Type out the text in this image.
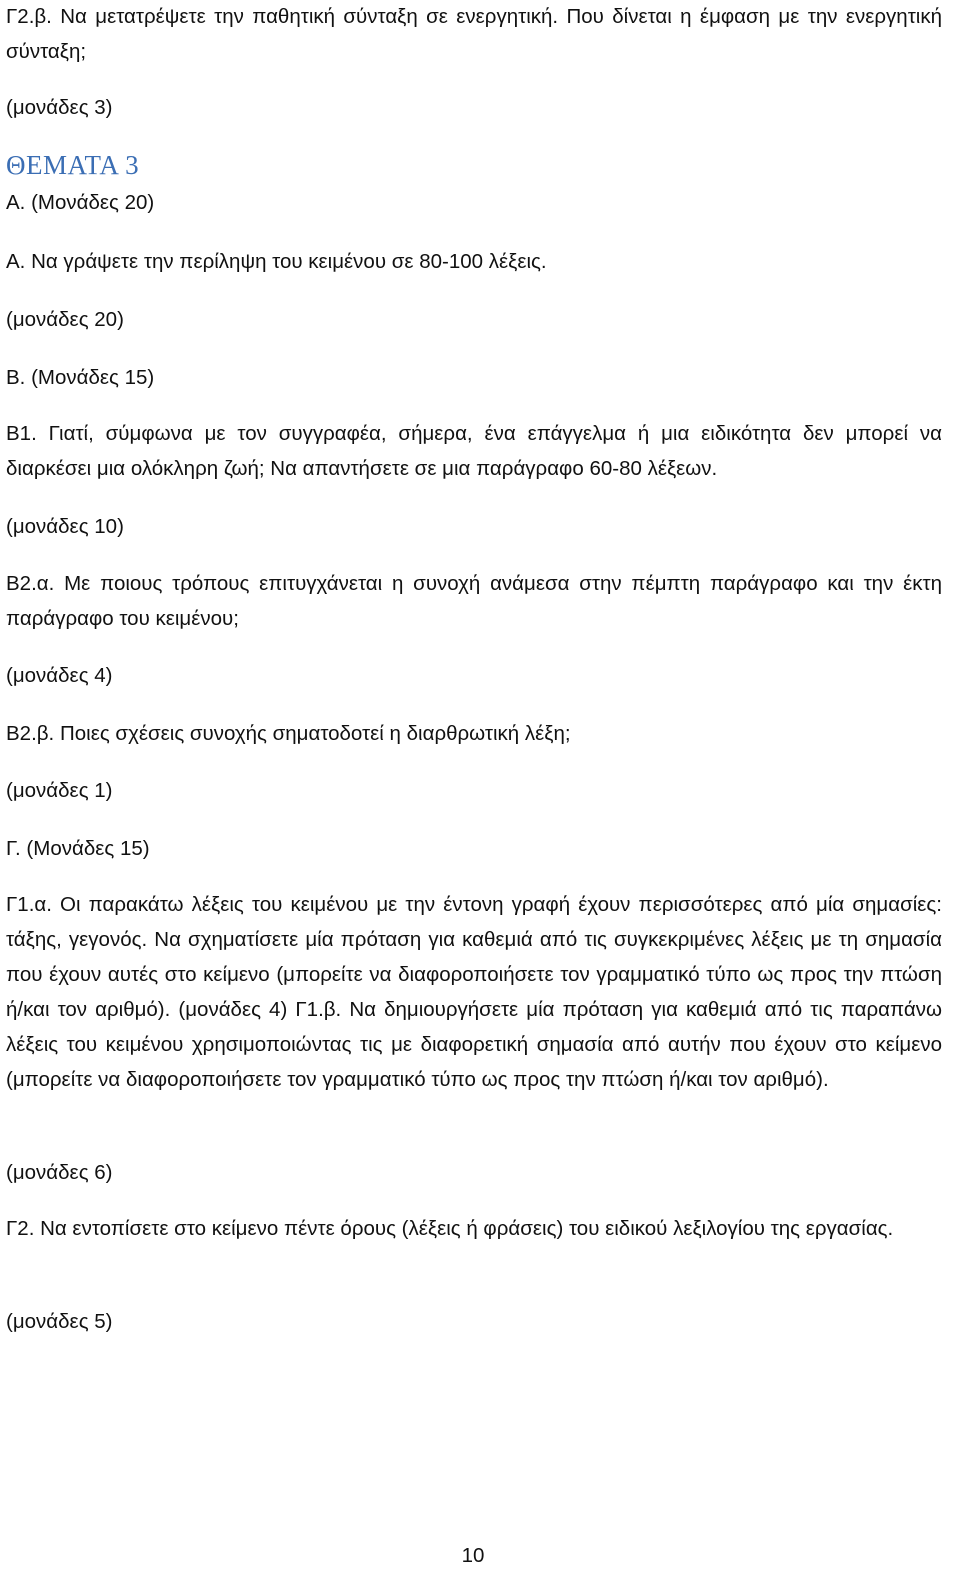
Γ2.β. Να μετατρέψετε την παθητική σύνταξη σε ενεργητική. Που δίνεται η έμφαση με την ενεργητική σύνταξη;
(μονάδες 3)
ΘΕΜΑΤΑ 3
Α. (Μονάδες 20)
Α. Να γράψετε την περίληψη του κειμένου σε 80-100 λέξεις.
(μονάδες 20)
Β. (Μονάδες 15)
Β1. Γιατί, σύμφωνα με τον συγγραφέα, σήμερα, ένα επάγγελμα ή μια ειδικότητα δεν μπορεί να διαρκέσει μια ολόκληρη ζωή; Να απαντήσετε σε μια παράγραφο 60-80 λέξεων.
(μονάδες 10)
Β2.α. Με ποιους τρόπους επιτυγχάνεται η συνοχή ανάμεσα στην πέμπτη παράγραφο και την έκτη παράγραφο του κειμένου;
(μονάδες 4)
Β2.β. Ποιες σχέσεις συνοχής σηματοδοτεί η διαρθρωτική λέξη;
(μονάδες 1)
Γ. (Μονάδες 15)
Γ1.α. Οι παρακάτω λέξεις του κειμένου με την έντονη γραφή έχουν περισσότερες από μία σημασίες: τάξης, γεγονός. Να σχηματίσετε μία πρόταση για καθεμιά από τις συγκεκριμένες λέξεις με τη σημασία που έχουν αυτές στο κείμενο (μπορείτε να διαφοροποιήσετε τον γραμματικό τύπο ως προς την πτώση ή/και τον αριθμό). (μονάδες 4) Γ1.β. Να δημιουργήσετε μία πρόταση για καθεμιά από τις παραπάνω λέξεις του κειμένου χρησιμοποιώντας τις με διαφορετική σημασία από αυτήν που έχουν στο κείμενο (μπορείτε να διαφοροποιήσετε τον γραμματικό τύπο ως προς την πτώση ή/και τον αριθμό).
(μονάδες 6)
Γ2. Να εντοπίσετε στο κείμενο πέντε όρους (λέξεις ή φράσεις) του ειδικού λεξιλογίου της εργασίας.
(μονάδες 5)
10
